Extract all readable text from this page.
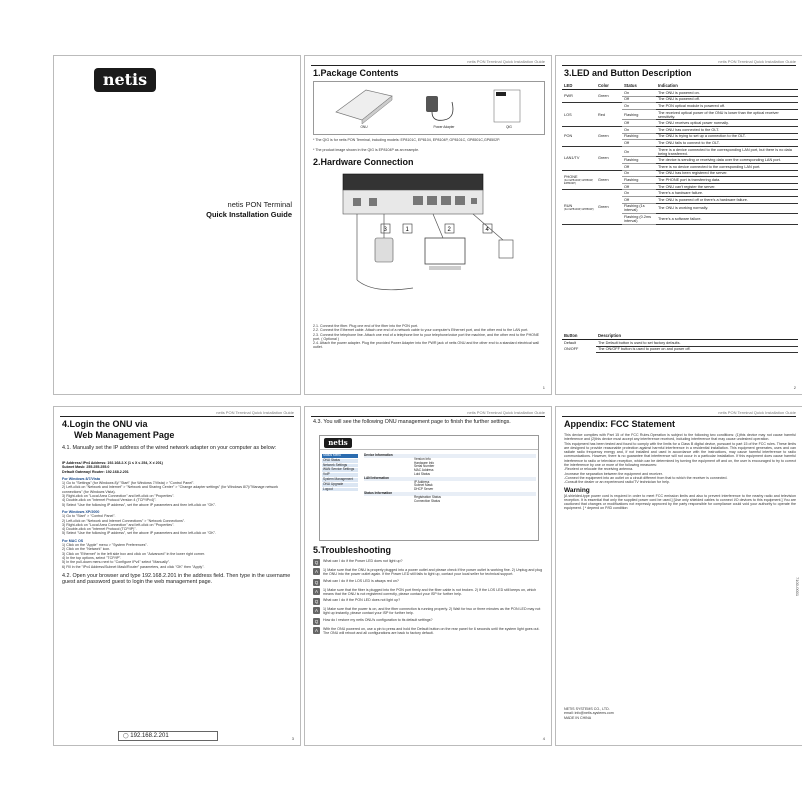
netis
netis PON Terminal
Quick Installation Guide
netis PON Terminal Quick Installation Guide
1.Package Contents
ONU	Power Adapter	QIG
* The QIG is for netis PON Terminal, including models: EP8101C, EP8104, EP8104P, GP8101C, GP8501C,GP8502P.
* The product image shown in the QIG is EP8104P as an example.
2.Hardware Connection
1	2
3	4
2.1. Connect the fiber. Plug one end of the fiber into the PON port.
2.2. Connect the Ethernet cable. Attach one end of a network cable to your computer's Ethernet port, and the other end to the LAN port.
2.3. Connect the telephone line. Attach one end of a telephone line to your telephone/voice port the machine, and the other end to the PHONE port. ( Optional )
2.4. Attach the power adapter. Plug the provided Power Adapter into the PWR jack of netis ONU and the other end to a standard electrical wall outlet.
1
netis PON Terminal Quick Installation Guide
3.LED and Button Description
LED	Color	Status	Indication

PWR	Green	On	The ONU is powered on.
		Off	The ONU is powered off.

LOS	Red	On	The PON optical module is powered off.
		Flashing	The received optical power of the ONU is lower than the optical receiver sensitivity.
		Off	The ONU receives optical power normally.

PON	Green	On	The ONU has connected to the OLT.
		Flashing	The ONU is trying to set up a connection to the OLT.
		Off	The ONU fails to connect to the OLT.

LAN1/TV	Green	On	There is a device connected to the corresponding LAN port, but there is no data being transferred.
		Flashing	The device is sending or receiving data over the corresponding LAN port.
		Off	There is no device connected to the corresponding LAN port.

PHONE
(For EP8104P, GP8502P, EP8402P)	Green	On	The ONU has been registered the server.
		Flashing	The PHONE port is transferring data.
		Off	The ONU can't register the server.

RUN
(For EP8104P, GP8502P)	Green	On	There's a hardware failure.
		Off	The ONU is powered off or there's a hardware failure.
		Flashing (1s interval)	The ONU is working normally.
		Flashing (0.2ms interval)	There's a software failure.
Button	Description
Default	The Default button is used to set factory defaults.
ON/OFF	The ON/OFF button is used to power on and power off.
2
netis PON Terminal Quick Installation Guide
4.Login the ONU via
Web Management Page
4.1. Manually set the IP address of the wired network adapter on your computer as below:
IP Address/ IPv4 Address: 192.168.2.X (1 ≤ X ≤ 254, X ≠ 201)
Subnet Mask: 255.255.255.0
Default Gateway/ Router: 192.168.2.201
For Windows 8/7/Vista
1) Go to "Settings" (for Windows 8)/ "Start" (for Windows 7/Vista) > "Control Panel".
2) Left-click on "Network and Internet" > "Network and Sharing Center" > "Change adapter settings" (for Windows 8/7)/"Manage network connections" (for Windows Vista).
3) Right-click on "Local Area Connection" and left-click on "Properties".
4) Double-click on "Internet Protocol Version 4 (TCP/IPv4)".
5) Select "Use the following IP address", set the above IP parameters and then left-click on "OK".
For Windows XP/2000
1) Go to "Start" > "Control Panel".
2) Left-click on "Network and Internet Connections" > "Network Connections".
3) Right-click on "Local Area Connection" and left-click on "Properties".
4) Double-click on "Internet Protocol (TCP/IP)".
5) Select "Use the following IP address", set the above IP parameters and then left-click on "OK".
For MAC OS
1) Click on the "Apple" menu > "System Preferences".
2) Click on the "Network" icon.
3) Click on "Ethernet" in the left side box and click on "Advanced" in the lower right corner.
4) In the top options, select "TCP/IP".
5) In the pull-down menu next to "Configure IPv4" select "Manually".
6) Fill in the "IPv4 Address/Subnet Mask/Router" parameters, and click "OK" then "Apply".
4.2. Open your browser and type 192.168.2.201 in the address field. Then type in the username guest and password guest to login the web management page.
◯ 192.168.2.201	3
netis PON Terminal Quick Installation Guide
4.3. You will see the following ONU management page to finish the further settings.
netis
Status Menu
ONU Status
Network Settings
WAN Service Settings
VoIP
System Management
ONU Upgrade
Logout
Device Information
Version Info
Hardware Info
Serial Number
MAC Address
Loid Status
LAN Information
IP Address
Subnet Mask
DHCP Server
Status Information
Registration Status
Connection Status
5.Troubleshooting
Q	What can I do if the Power LED does not light up?
A	1) Make sure that the ONU is properly plugged into a power outlet and please check if the power outlet is working fine. 2) Unplug and plug the ONU into the power outlet again. If the Power LED still fails to light up, contact your local seller for technical support.
Q	What can I do if the LOS LED is always red on?
A	1) Make sure that the fiber is plugged into the PON port firmly and the fiber cable is not broken. 2) If the LOS LED still keeps on, which means that the ONU is not registered correctly, please contact your ISP for further help.
Q	What can I do if the PON LED does not light up?
A	1) Make sure that the power is on, and the fiber connection is running properly. 2) Wait for two or three minutes as the PON LED may not light up instantly, please contact your ISP for further help.
Q	How do I restore my netis ONU's configuration to its default settings?
A	With the ONU powered on, use a pin to press and hold the Default button on the rear panel for 6 seconds until the system light goes out. The ONU will reboot and all configurations are back to factory default.
4
netis PON Terminal Quick Installation Guide
Appendix: FCC Statement
This device complies with Part 15 of the FCC Rules.Operation is subject to the following two conditions: (1)this device may not cause harmful interference and (2)this device must accept any interference received, including interference that may cause undesired operation.
This equipment has been tested and found to comply with the limits for a Class B digital device, pursuant to part 15 of the FCC rules. These limits are designed to provide reasonable protection against harmful interference in a residential installation. This equipment generates, uses and can radiate radio frequency energy and, if not installed and used in accordance with the instructions, may cause harmful interference to radio communications. However, there is no guarantee that interference will not occur in a particular installation. If this equipment does cause harmful interference to radio or television reception, which can be determined by turning the equipment off and on, the user is encouraged to try to correct the interference by one or more of the following measures:
-Reorient or relocate the receiving antenna.
-Increase the separation between the equipment and receiver.
-Connect the equipment into an outlet on a circuit different from that to which the receiver is connected.
-Consult the dealer or an experienced radio/TV technician for help.
Warning
[A shielded-type power cord is required in order to meet FCC emission limits and also to prevent interference to the nearby radio and television reception. It is essential that only the supplied power cord be used.] [Use only shielded cables to connect I/O devices to this equipment.] You are cautioned that changes or modifications not expressly approved by the party responsible for compliance could void your authority to operate the equipment. [ * depend on P/ID condition
NETIS SYSTEMS CO., LTD.
email: info@netis-systems.com
MADE IN CHINA
7100-0001
